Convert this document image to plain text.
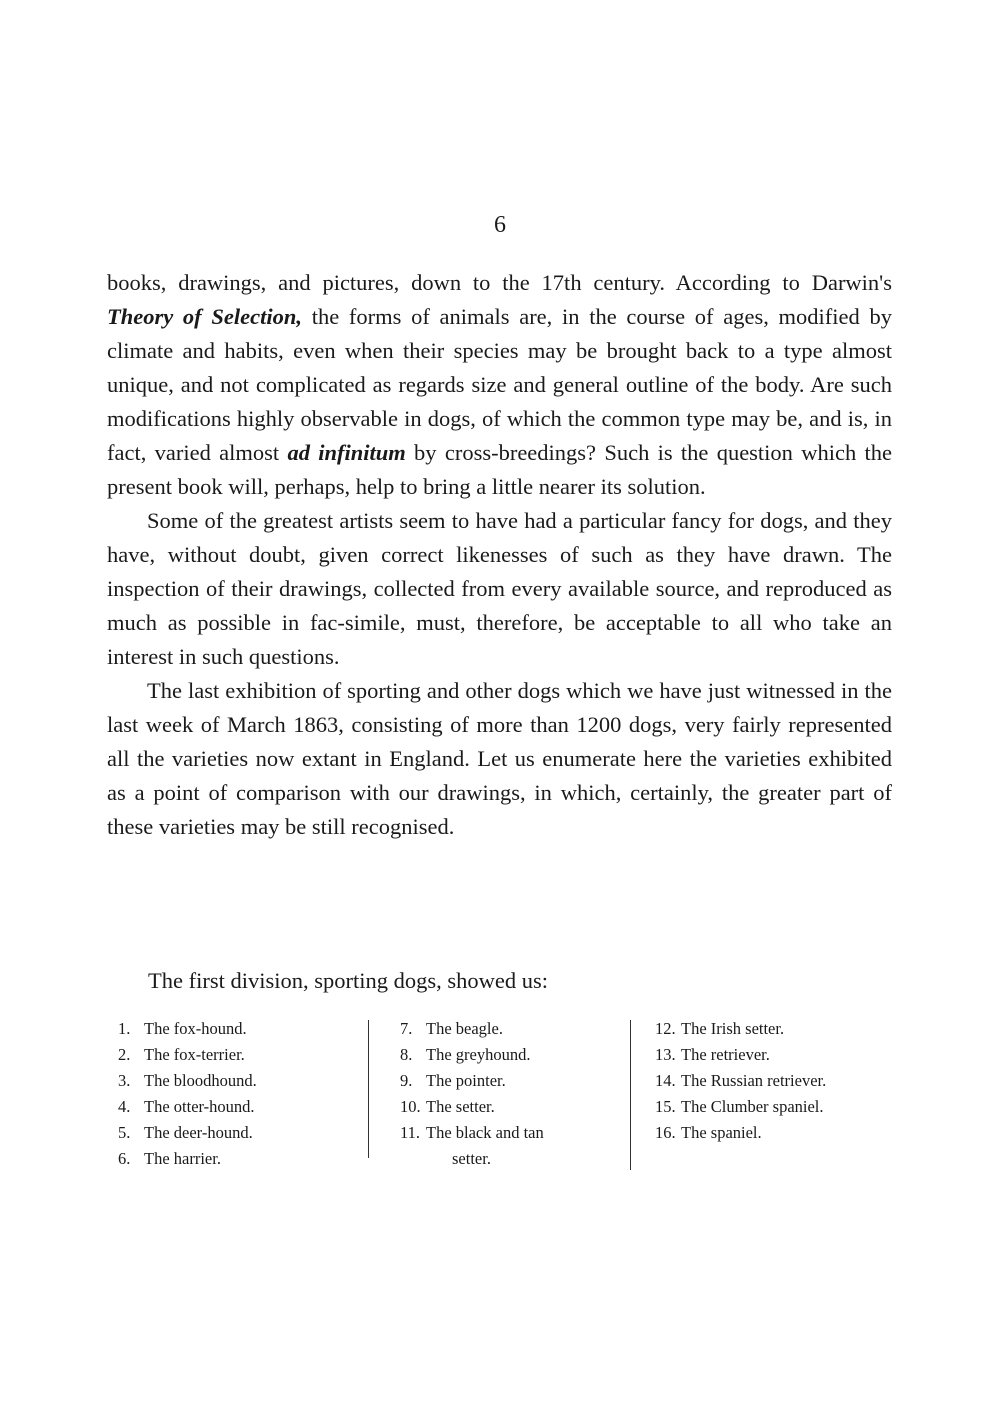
6

books, drawings, and pictures, down to the 17th century. According to Darwin's Theory of Selection, the forms of animals are, in the course of ages, modified by climate and habits, even when their species may be brought back to a type almost unique, and not complicated as regards size and general outline of the body. Are such modifications highly observable in dogs, of which the common type may be, and is, in fact, varied almost ad infinitum by cross-breedings? Such is the question which the present book will, perhaps, help to bring a little nearer its solution.

Some of the greatest artists seem to have had a particular fancy for dogs, and they have, without doubt, given correct likenesses of such as they have drawn. The inspection of their drawings, collected from every available source, and reproduced as much as possible in fac-simile, must, therefore, be acceptable to all who take an interest in such questions.

The last exhibition of sporting and other dogs which we have just witnessed in the last week of March 1863, consisting of more than 1200 dogs, very fairly represented all the varieties now extant in England. Let us enumerate here the varieties exhibited as a point of comparison with our drawings, in which, certainly, the greater part of these varieties may be still recognised.

The first division, sporting dogs, showed us:
1. The fox-hound.
2. The fox-terrier.
3. The bloodhound.
4. The otter-hound.
5. The deer-hound.
6. The harrier.
7. The beagle.
8. The greyhound.
9. The pointer.
10. The setter.
11. The black and tan
setter.
12. The Irish setter.
13. The retriever.
14. The Russian retriever.
15. The Clumber spaniel.
16. The spaniel.
